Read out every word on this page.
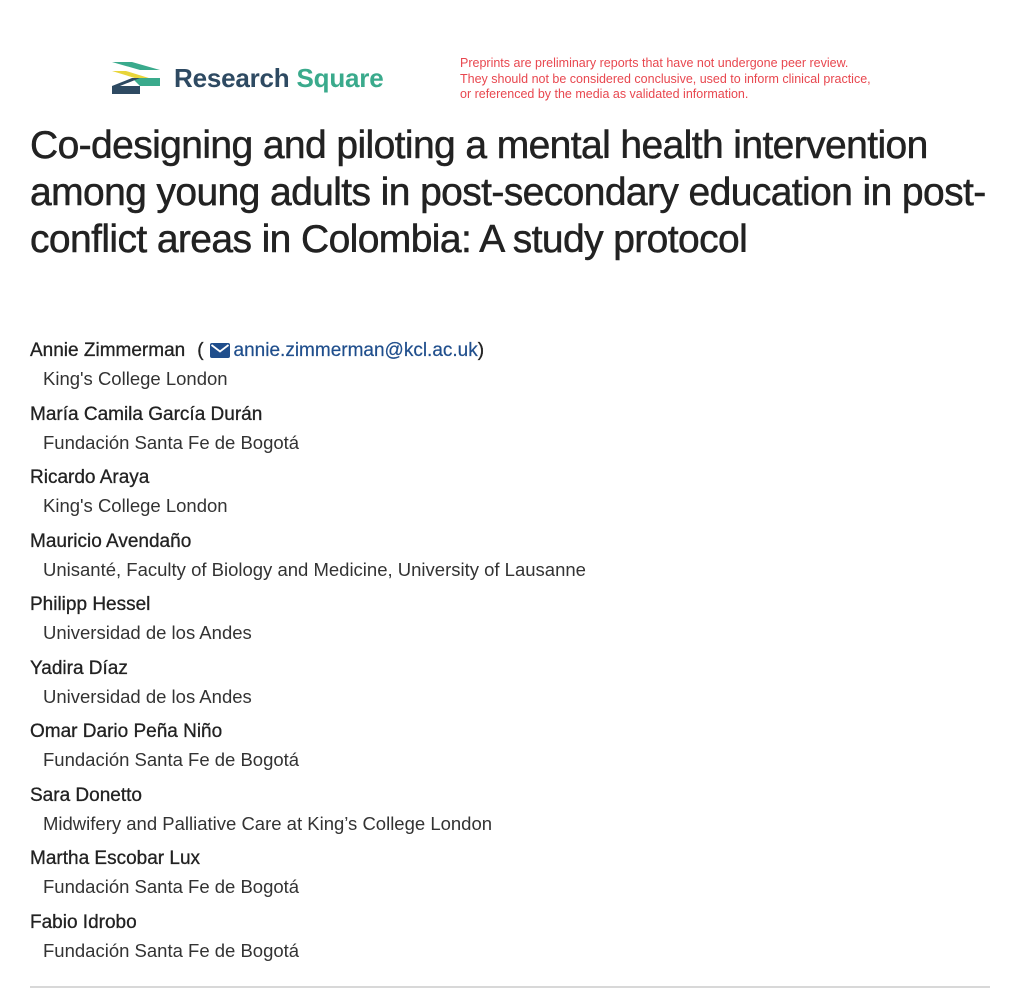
Research Square	Preprints are preliminary reports that have not undergone peer review.
They should not be considered conclusive, used to inform clinical practice,
or referenced by the media as validated information.
Co-designing and piloting a mental health intervention among young adults in post-secondary education in post-conflict areas in Colombia: A study protocol
Annie Zimmerman ( annie.zimmerman@kcl.ac.uk)
King's College London
María Camila García Durán
Fundación Santa Fe de Bogotá
Ricardo Araya
King's College London
Mauricio Avendaño
Unisanté, Faculty of Biology and Medicine, University of Lausanne
Philipp Hessel
Universidad de los Andes
Yadira Díaz
Universidad de los Andes
Omar Dario Peña Niño
Fundación Santa Fe de Bogotá
Sara Donetto
Midwifery and Palliative Care at King’s College London
Martha Escobar Lux
Fundación Santa Fe de Bogotá
Fabio Idrobo
Fundación Santa Fe de Bogotá
